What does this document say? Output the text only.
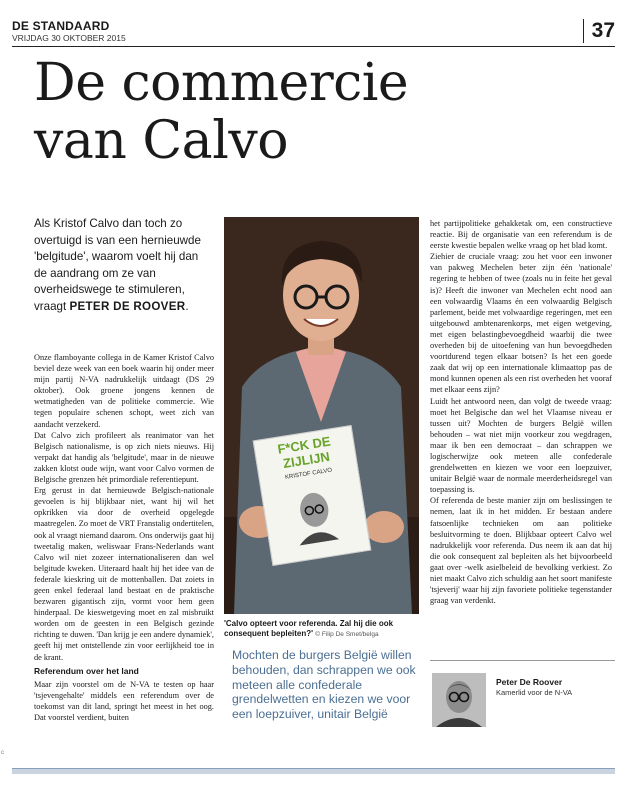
DE STANDAARD
VRIJDAG 30 OKTOBER 2015	37
De commercie
van Calvo
Als Kristof Calvo dan toch zo overtuigd is van een hernieuwde 'belgitude', waarom voelt hij dan de aandrang om ze van overheidswege te stimuleren, vraagt PETER DE ROOVER.

Onze flamboyante collega in de Kamer Kristof Calvo beviel deze week van een boek waarin hij onder meer mijn partij N-VA nadrukkelijk uitdaagt (DS 29 oktober). Ook groene jongens kennen de wetmatigheden van de politieke commercie. Wie tegen populaire schenen schopt, weet zich van aandacht verzekerd.

Dat Calvo zich profileert als reanimator van het Belgisch nationalisme, is op zich niets nieuws. Hij verpakt dat handig als 'belgitude', maar in de nieuwe zakken klotst oude wijn, want voor Calvo vormen de Belgische grenzen hét primordiale referentiepunt.

Erg gerust in dat hernieuwde Belgisch-nationale gevoelen is hij blijkbaar niet, want hij wil het opkrikken via door de overheid opgelegde maatregelen. Zo moet de VRT Franstalig ondertitelen, ook al vraagt niemand daarom. Ons onderwijs gaat hij tweetalig maken, weliswaar Frans-Nederlands want Calvo wil niet zozeer internationaliseren dan wel belgitude kweken. Uiteraard haalt hij het idee van de federale kieskring uit de mottenballen. Dat zoiets in geen enkel federaal land bestaat en de praktische bezwaren gigantisch zijn, vormt voor hem geen hinderpaal. De kieswetgeving moet en zal misbruikt worden om de geesten in een Belgisch gezinde richting te duwen. 'Dan krijg je een andere dynamiek', geeft hij met ontstellende zin voor eerlijkheid toe in de krant.

Referendum over het land

Maar zijn voorstel om de N-VA te testen op haar 'tsjevengehalte' middels een referendum over de toekomst van dit land, springt het meest in het oog. Dat voorstel verdient, buiten

F*CK DE ZIJLIJN
KRISTOF CALVO
'Calvo opteert voor referenda. Zal hij die ook consequent bepleiten?' © Filip De Smet/belga
Mochten de burgers België willen behouden, dan schrappen we ook meteen alle confederale grendelwetten en kiezen we voor een loepzuiver, unitair België

het partijpolitieke gehakketak om, een constructieve reactie. Bij de organisatie van een referendum is de eerste kwestie bepalen welke vraag op het blad komt.

Ziehier de cruciale vraag: zou het voor een inwoner van pakweg Mechelen beter zijn één 'nationale' regering te hebben of twee (zoals nu in feite het geval is)? Heeft die inwoner van Mechelen echt nood aan een volwaardig Vlaams én een volwaardig Belgisch parlement, beide met volwaardige regeringen, met een uitgebouwd ambtenarenkorps, met eigen wetgeving, met eigen belastingbevoegdheid waarbij die twee overheden bij de uitoefening van hun bevoegdheden voortdurend tegen elkaar botsen? Is het een goede zaak dat wij op een internationale klimaattop pas de mond kunnen openen als een rist overheden het vooraf met elkaar eens zijn?

Luidt het antwoord neen, dan volgt de tweede vraag: moet het Belgische dan wel het Vlaamse niveau er tussen uit? Mochten de burgers België willen behouden – wat niet mijn voorkeur zou wegdragen, maar ik ben een democraat – dan schrappen we logischerwijze ook meteen alle confederale grendelwetten en kiezen we voor een loepzuiver, unitair België waar de normale meerderheidsregel van toepassing is.

Of referenda de beste manier zijn om beslissingen te nemen, laat ik in het midden. Er bestaan andere fatsoenlijke technieken om aan politieke besluitvorming te doen. Blijkbaar opteert Calvo wel nadrukkelijk voor referenda. Dus neem ik aan dat hij die ook consequent zal bepleiten als het bijvoorbeeld gaat over -welk asielbeleid de bevolking verkiest. Zo niet maakt Calvo zich schuldig aan het soort manifeste 'tsjeverij' waar hij zijn favoriete politieke tegenstander graag van verdenkt.

Peter De Roover
Kamerlid voor de N-VA
c
